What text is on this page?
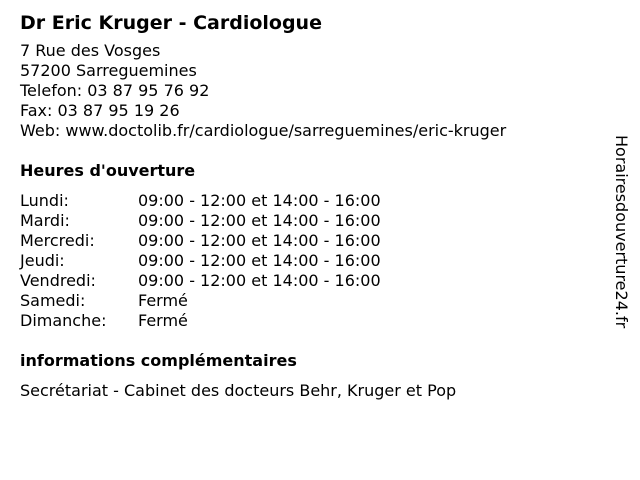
Dr Eric Kruger - Cardiologue
7 Rue des Vosges
57200 Sarreguemines
Telefon: 03 87 95 76 92
Fax: 03 87 95 19 26
Web: www.doctolib.fr/cardiologue/sarreguemines/eric-kruger
Heures d'ouverture
Lundi:	09:00 - 12:00 et 14:00 - 16:00
Mardi:	09:00 - 12:00 et 14:00 - 16:00
Mercredi:	09:00 - 12:00 et 14:00 - 16:00
Jeudi:	09:00 - 12:00 et 14:00 - 16:00
Vendredi:	09:00 - 12:00 et 14:00 - 16:00
Samedi:	Fermé
Dimanche:	Fermé
informations complémentaires
Secrétariat - Cabinet des docteurs Behr, Kruger et Pop
Horairesdouverture24.fr
